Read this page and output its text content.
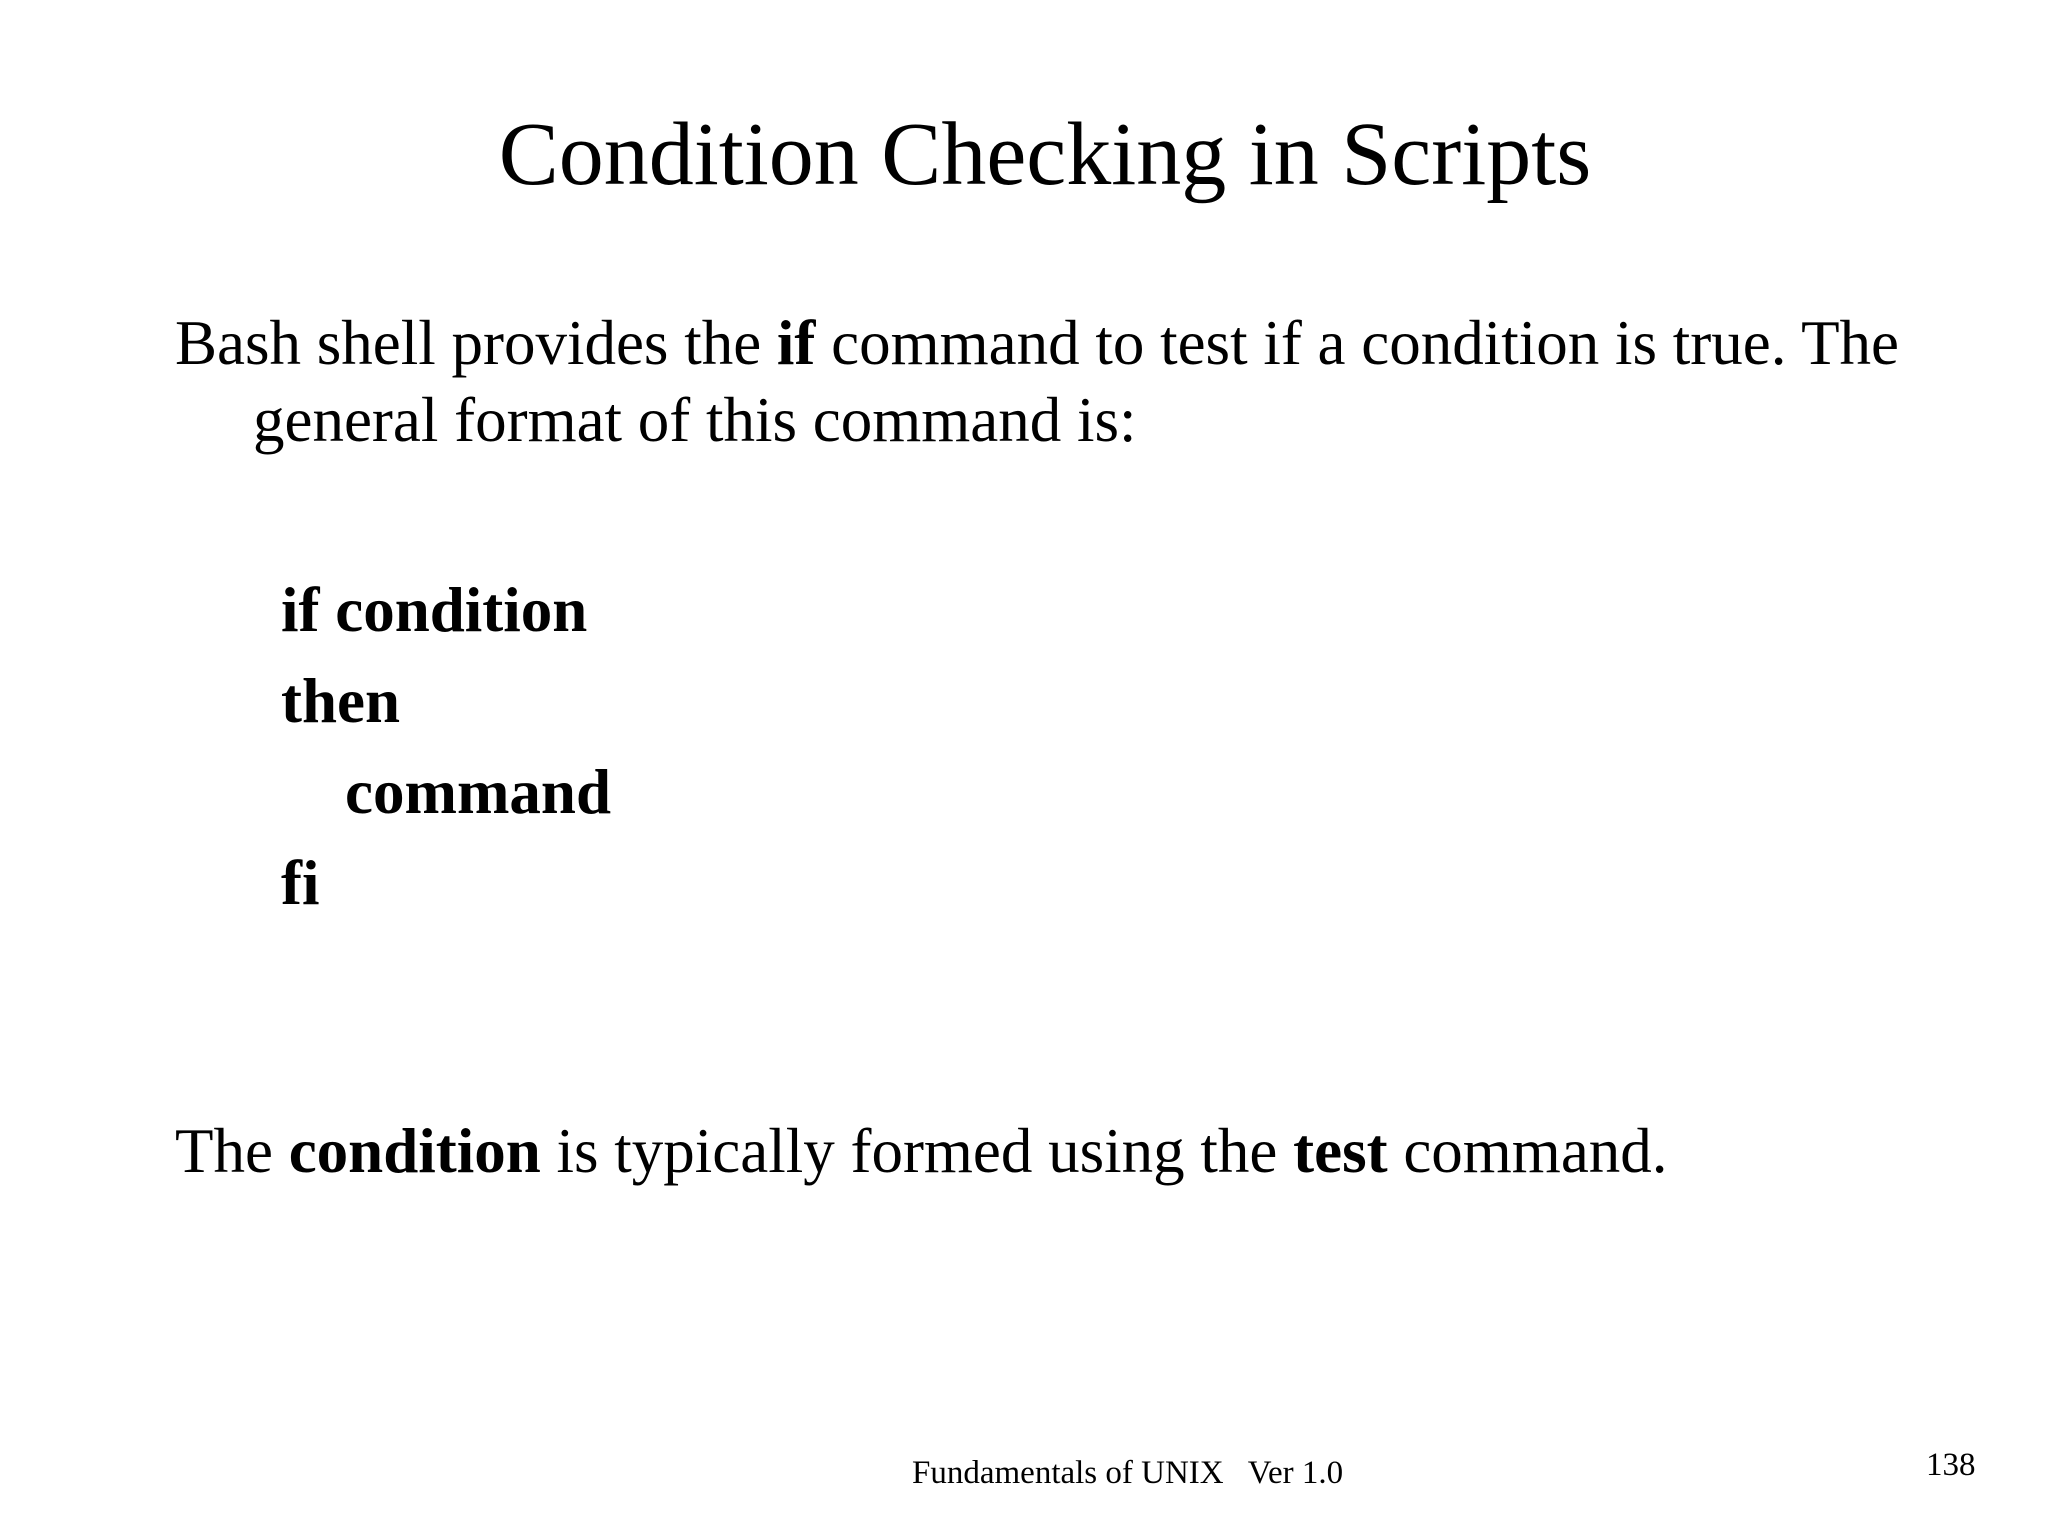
Condition Checking in Scripts
Bash shell provides the if command to test if a condition is true. The general format of this command is:
if condition
then
command
fi
The condition is typically formed using the test command.
Fundamentals of UNIX   Ver 1.0	138
